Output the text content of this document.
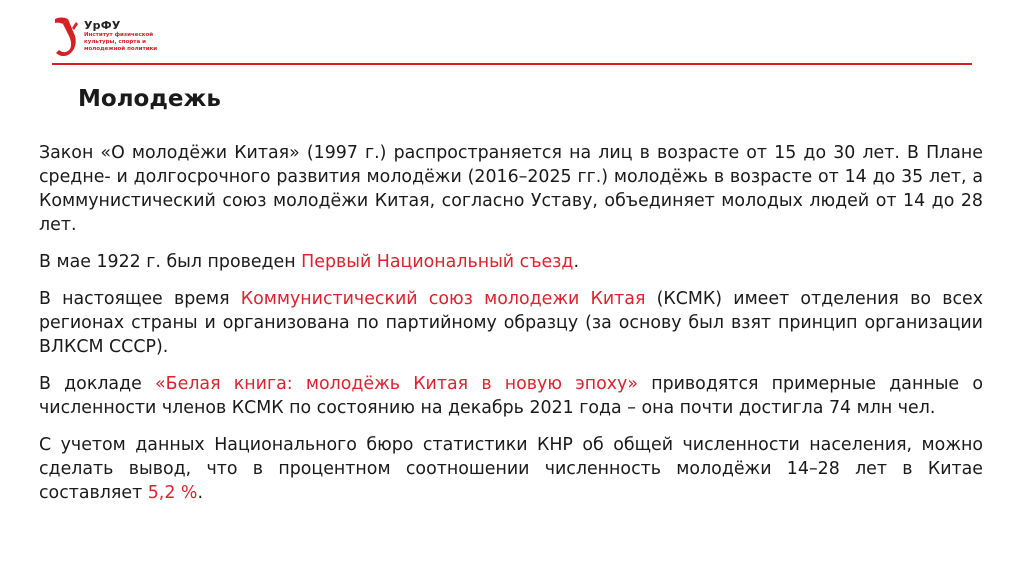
УрФУ
Институт физической культуры, спорта и молодежной политики
Молодежь

Закон «О молодёжи Китая» (1997 г.) распространяется на лиц в возрасте от 15 до 30 лет. В Плане средне- и долгосрочного развития молодёжи (2016–2025 гг.) молодёжь в возрасте от 14 до 35 лет, а Коммунистический союз молодёжи Китая, согласно Уставу, объединяет молодых людей от 14 до 28 лет.

В мае 1922 г. был проведен Первый Национальный съезд.

В настоящее время Коммунистический союз молодежи Китая (КСМК) имеет отделения во всех регионах страны и организована по партийному образцу (за основу был взят принцип организации ВЛКСМ СССР).

В докладе «Белая книга: молодёжь Китая в новую эпоху» приводятся примерные данные о численности членов КСМК по состоянию на декабрь 2021 года – она почти достигла 74 млн чел.

С учетом данных Национального бюро статистики КНР об общей численности населения, можно сделать вывод, что в процентном соотношении численность молодёжи 14–28 лет в Китае составляет 5,2 %.
